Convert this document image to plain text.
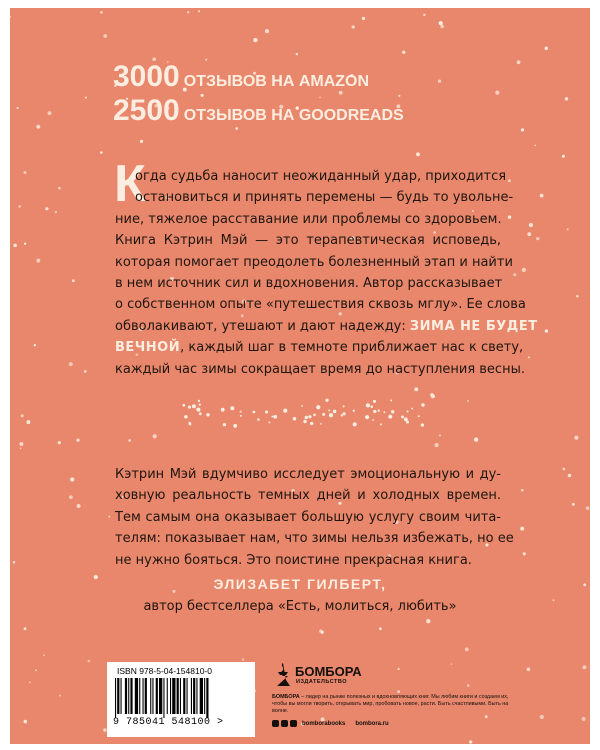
3000 ОТЗЫВОВ НА AMAZON
2500 ОТЗЫВОВ НА GOODREADS
К
огда судьба наносит неожиданный удар, приходится
остановиться и принять перемены — будь то увольне-
ние, тяжелое расставание или проблемы со здоровьем.
Книга Кэтрин Мэй — это терапевтическая исповедь,
которая помогает преодолеть болезненный этап и найти
в нем источник сил и вдохновения. Автор рассказывает
о собственном опыте «путешествия сквозь мглу». Ее слова
обволакивают, утешают и дают надежду: ЗИМА НЕ БУДЕТ
ВЕЧНОЙ, каждый шаг в темноте приближает нас к свету,
каждый час зимы сокращает время до наступления весны.
Кэтрин Мэй вдумчиво исследует эмоциональную и ду-
ховную реальность темных дней и холодных времен.
Тем самым она оказывает большую услугу своим чита-
телям: показывает нам, что зимы нельзя избежать, но ее
не нужно бояться. Это поистине прекрасная книга.
ЭЛИЗАБЕТ ГИЛБЕРТ,
автор бестселлера «Есть, молиться, любить»
ISBN 978-5-04-154810-0
9 785041 548100 >
БОМБОРА
ИЗДАТЕЛЬСТВО
БОМБОРА – лидер на рынке полезных и вдохновляющих книг. Мы любим книги и создаем их, чтобы вы могли творить, открывать мир, пробовать новое, расти. Быть счастливыми. Быть на волне.
bomborabooks bombora.ru
